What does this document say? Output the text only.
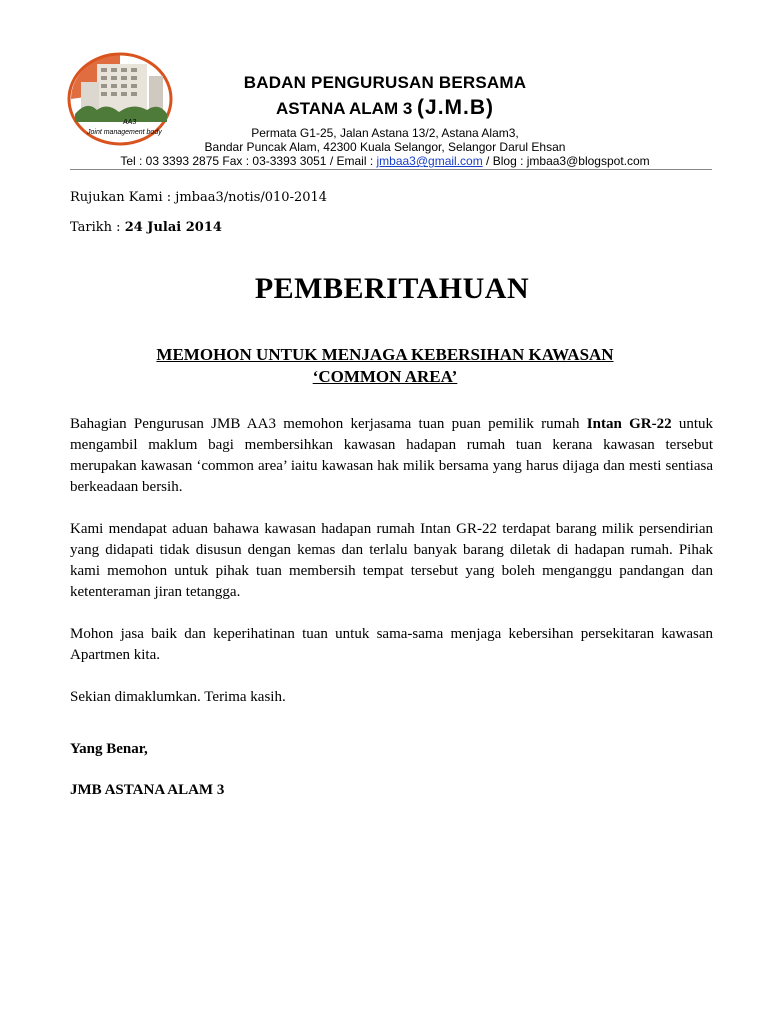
AA3
Joint management body
BADAN PENGURUSAN BERSAMA
ASTANA ALAM 3 (J.M.B)
Permata G1-25, Jalan Astana 13/2, Astana Alam3,
Bandar Puncak Alam, 42300 Kuala Selangor, Selangor Darul Ehsan
Tel : 03 3393 2875 Fax : 03-3393 3051 / Email : jmbaa3@gmail.com / Blog : jmbaa3@blogspot.com
Rujukan Kami : jmbaa3/notis/010-2014
Tarikh : 24 Julai 2014
PEMBERITAHUAN
MEMOHON UNTUK MENJAGA KEBERSIHAN KAWASAN
‘COMMON AREA’
Bahagian Pengurusan JMB AA3 memohon kerjasama tuan puan pemilik rumah Intan GR-22 untuk mengambil maklum bagi membersihkan kawasan hadapan rumah tuan kerana kawasan tersebut merupakan kawasan ‘common area’ iaitu kawasan hak milik bersama yang harus dijaga dan mesti sentiasa berkeadaan bersih.
Kami mendapat aduan bahawa kawasan hadapan rumah Intan GR-22 terdapat barang milik persendirian yang didapati tidak disusun dengan kemas dan terlalu banyak barang diletak di hadapan rumah. Pihak kami memohon untuk pihak tuan membersih tempat tersebut yang boleh menganggu pandangan dan ketenteraman jiran tetangga.
Mohon jasa baik dan keperihatinan tuan untuk sama-sama menjaga kebersihan persekitaran kawasan Apartmen kita.
Sekian dimaklumkan. Terima kasih.
Yang Benar,
JMB ASTANA ALAM 3
